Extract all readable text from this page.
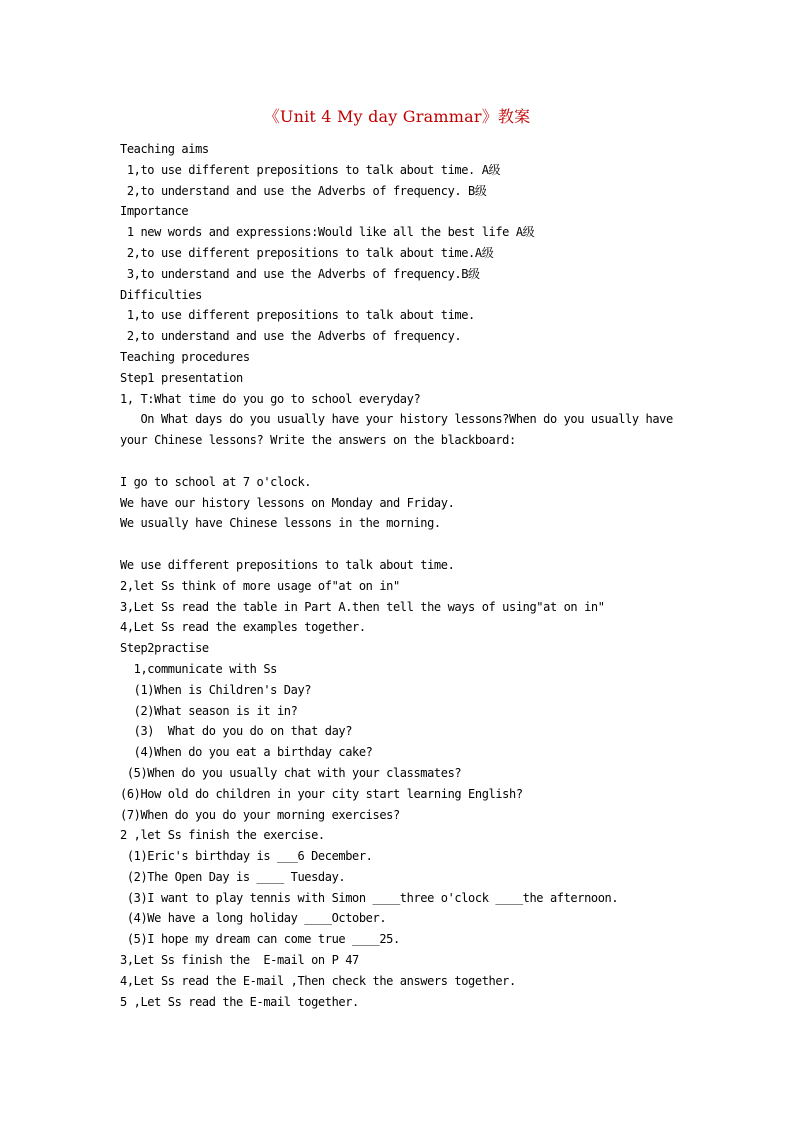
《Unit 4 My day Grammar》教案
Teaching aims
1,to use different prepositions to talk about time. A级
2,to understand and use the Adverbs of frequency. B级
Importance
1 new words and expressions:Would like all the best life A级
2,to use different prepositions to talk about time.A级
3,to understand and use the Adverbs of frequency.B级
Difficulties
1,to use different prepositions to talk about time.
2,to understand and use the Adverbs of frequency.
Teaching procedures
Step1 presentation
1, T:What time do you go to school everyday?
On What days do you usually have your history lessons?When do you usually have
your Chinese lessons? Write the answers on the blackboard:
I go to school at 7 o'clock.
We have our history lessons on Monday and Friday.
We usually have Chinese lessons in the morning.
We use different prepositions to talk about time.
2,let Ss think of more usage of"at on in"
3,Let Ss read the table in Part A.then tell the ways of using"at on in"
4,Let Ss read the examples together.
Step2practise
1,communicate with Ss
(1)When is Children's Day?
(2)What season is it in?
(3)  What do you do on that day?
(4)When do you eat a birthday cake?
(5)When do you usually chat with your classmates?
(6)How old do children in your city start learning English?
(7)When do you do your morning exercises?
2 ,let Ss finish the exercise.
(1)Eric's birthday is ___6 December.
(2)The Open Day is ____ Tuesday.
(3)I want to play tennis with Simon ____three o'clock ____the afternoon.
(4)We have a long holiday ____October.
(5)I hope my dream can come true ____25.
3,Let Ss finish the  E-mail on P 47
4,Let Ss read the E-mail ,Then check the answers together.
5 ,Let Ss read the E-mail together.
